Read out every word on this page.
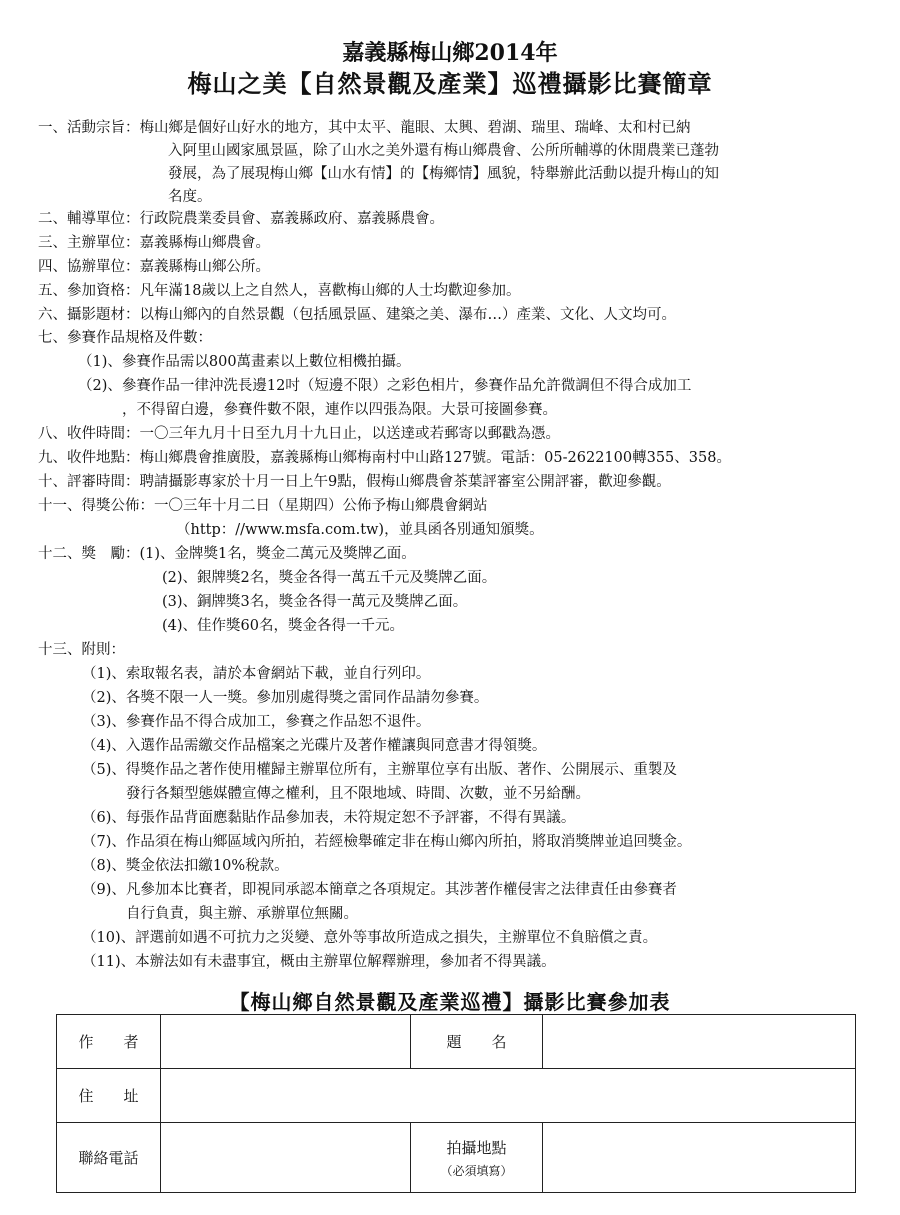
嘉義縣梅山鄉2014年
梅山之美【自然景觀及產業】巡禮攝影比賽簡章
一、活動宗旨：梅山鄉是個好山好水的地方，其中太平、龍眼、太興、碧湖、瑞里、瑞峰、太和村已納
入阿里山國家風景區，除了山水之美外還有梅山鄉農會、公所所輔導的休閒農業已蓬勃
發展，為了展現梅山鄉【山水有情】的【梅鄉情】風貌，特舉辦此活動以提升梅山的知
名度。
二、輔導單位：行政院農業委員會、嘉義縣政府、嘉義縣農會。
三、主辦單位：嘉義縣梅山鄉農會。
四、協辦單位：嘉義縣梅山鄉公所。
五、參加資格：凡年滿18歲以上之自然人，喜歡梅山鄉的人士均歡迎參加。
六、攝影題材：以梅山鄉內的自然景觀（包括風景區、建築之美、瀑布…）產業、文化、人文均可。
七、參賽作品規格及件數：
（1)、參賽作品需以800萬畫素以上數位相機拍攝。
（2)、參賽作品一律沖洗長邊12吋（短邊不限）之彩色相片，參賽作品允許微調但不得合成加工
，不得留白邊，參賽件數不限，連作以四張為限。大景可接圖參賽。
八、收件時間：一〇三年九月十日至九月十九日止，以送達或若郵寄以郵戳為憑。
九、收件地點：梅山鄉農會推廣股，嘉義縣梅山鄉梅南村中山路127號。電話：05-2622100轉355、358。
十、評審時間：聘請攝影專家於十月一日上午9點，假梅山鄉農會茶葉評審室公開評審，歡迎參觀。
十一、得獎公佈：一〇三年十月二日（星期四）公佈予梅山鄉農會網站
（http：//www.msfa.com.tw)，並具函各別通知頒獎。
十二、獎　勵：(1)、金牌獎1名，獎金二萬元及獎牌乙面。
(2)、銀牌獎2名，獎金各得一萬五千元及獎牌乙面。
(3)、銅牌獎3名，獎金各得一萬元及獎牌乙面。
(4)、佳作獎60名，獎金各得一千元。
十三、附則：
（1)、索取報名表，請於本會網站下載，並自行列印。
（2)、各獎不限一人一獎。參加別處得獎之雷同作品請勿參賽。
（3)、參賽作品不得合成加工，參賽之作品恕不退件。
（4)、入選作品需繳交作品檔案之光碟片及著作權讓與同意書才得領獎。
（5)、得獎作品之著作使用權歸主辦單位所有，主辦單位享有出版、著作、公開展示、重製及
發行各類型態媒體宣傳之權利，且不限地域、時間、次數，並不另給酬。
（6)、每張作品背面應黏貼作品參加表，未符規定恕不予評審，不得有異議。
（7)、作品須在梅山鄉區域內所拍，若經檢舉確定非在梅山鄉內所拍，將取消獎牌並追回獎金。
（8)、獎金依法扣繳10%稅款。
（9)、凡參加本比賽者，即視同承認本簡章之各項規定。其涉著作權侵害之法律責任由參賽者
自行負責，與主辦、承辦單位無關。
（10)、評選前如遇不可抗力之災變、意外等事故所造成之損失，主辦單位不負賠償之責。
（11)、本辦法如有未盡事宜，概由主辦單位解釋辦理，參加者不得異議。
【梅山鄉自然景觀及產業巡禮】攝影比賽參加表
作　　者		題　　名	
住　　址			
聯絡電話		拍攝地點
（必須填寫）	
